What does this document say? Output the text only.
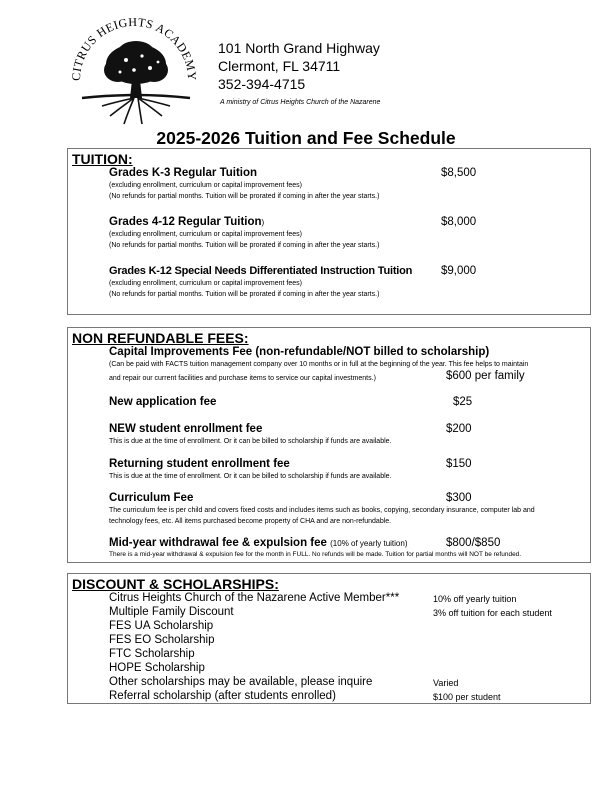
CITRUS HEIGHTS ACADEMY
101 North Grand Highway
Clermont, FL 34711
352-394-4715
A ministry of Citrus Heights Church of the Nazarene
2025-2026 Tuition and Fee Schedule
TUITION:
Grades K-3 Regular Tuition	$8,500
(excluding enrollment, curriculum or capital improvement fees)
(No refunds for partial months. Tuition will be prorated if coming in after the year starts.)
Grades 4-12 Regular Tuition)	$8,000
(excluding enrollment, curriculum or capital improvement fees)
(No refunds for partial months. Tuition will be prorated if coming in after the year starts.)
Grades K-12 Special Needs Differentiated Instruction Tuition	$9,000
(excluding enrollment, curriculum or capital improvement fees)
(No refunds for partial months. Tuition will be prorated if coming in after the year starts.)
NON REFUNDABLE FEES:
Capital Improvements Fee (non-refundable/NOT billed to scholarship)
(Can be paid with FACTS tuition management company over 10 months or in full at the beginning of the year. This fee helps to maintain
and repair our current facilities and purchase items to service our capital investments.)	$600 per family
New application fee	$25
NEW student enrollment fee	$200
This is due at the time of enrollment. Or it can be billed to scholarship if funds are available.
Returning student enrollment fee	$150
This is due at the time of enrollment. Or it can be billed to scholarship if funds are available.
Curriculum Fee	$300
The curriculum fee is per child and covers fixed costs and includes items such as books, copying, secondary insurance, computer lab and
technology fees, etc. All items purchased become property of CHA and are non-refundable.
Mid-year withdrawal fee & expulsion fee (10% of yearly tuition)	$800/$850
There is a mid-year withdrawal & expulsion fee for the month in FULL. No refunds will be made. Tuition for partial months will NOT be refunded.
DISCOUNT & SCHOLARSHIPS:
Citrus Heights Church of the Nazarene Active Member***	10% off yearly tuition
Multiple Family Discount	3% off tuition for each student
FES UA Scholarship
FES EO Scholarship
FTC Scholarship
HOPE Scholarship
Other scholarships may be available, please inquire	Varied
Referral scholarship (after students enrolled)	$100 per student
